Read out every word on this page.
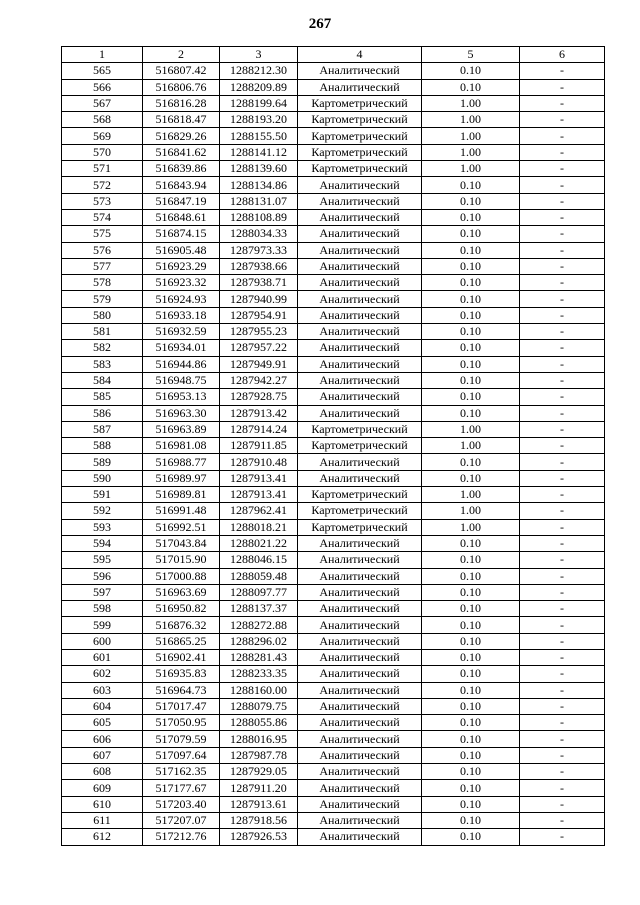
267
1	2	3	4	5	6
565	516807.42	1288212.30	Аналитический	0.10	-
566	516806.76	1288209.89	Аналитический	0.10	-
567	516816.28	1288199.64	Картометрический	1.00	-
568	516818.47	1288193.20	Картометрический	1.00	-
569	516829.26	1288155.50	Картометрический	1.00	-
570	516841.62	1288141.12	Картометрический	1.00	-
571	516839.86	1288139.60	Картометрический	1.00	-
572	516843.94	1288134.86	Аналитический	0.10	-
573	516847.19	1288131.07	Аналитический	0.10	-
574	516848.61	1288108.89	Аналитический	0.10	-
575	516874.15	1288034.33	Аналитический	0.10	-
576	516905.48	1287973.33	Аналитический	0.10	-
577	516923.29	1287938.66	Аналитический	0.10	-
578	516923.32	1287938.71	Аналитический	0.10	-
579	516924.93	1287940.99	Аналитический	0.10	-
580	516933.18	1287954.91	Аналитический	0.10	-
581	516932.59	1287955.23	Аналитический	0.10	-
582	516934.01	1287957.22	Аналитический	0.10	-
583	516944.86	1287949.91	Аналитический	0.10	-
584	516948.75	1287942.27	Аналитический	0.10	-
585	516953.13	1287928.75	Аналитический	0.10	-
586	516963.30	1287913.42	Аналитический	0.10	-
587	516963.89	1287914.24	Картометрический	1.00	-
588	516981.08	1287911.85	Картометрический	1.00	-
589	516988.77	1287910.48	Аналитический	0.10	-
590	516989.97	1287913.41	Аналитический	0.10	-
591	516989.81	1287913.41	Картометрический	1.00	-
592	516991.48	1287962.41	Картометрический	1.00	-
593	516992.51	1288018.21	Картометрический	1.00	-
594	517043.84	1288021.22	Аналитический	0.10	-
595	517015.90	1288046.15	Аналитический	0.10	-
596	517000.88	1288059.48	Аналитический	0.10	-
597	516963.69	1288097.77	Аналитический	0.10	-
598	516950.82	1288137.37	Аналитический	0.10	-
599	516876.32	1288272.88	Аналитический	0.10	-
600	516865.25	1288296.02	Аналитический	0.10	-
601	516902.41	1288281.43	Аналитический	0.10	-
602	516935.83	1288233.35	Аналитический	0.10	-
603	516964.73	1288160.00	Аналитический	0.10	-
604	517017.47	1288079.75	Аналитический	0.10	-
605	517050.95	1288055.86	Аналитический	0.10	-
606	517079.59	1288016.95	Аналитический	0.10	-
607	517097.64	1287987.78	Аналитический	0.10	-
608	517162.35	1287929.05	Аналитический	0.10	-
609	517177.67	1287911.20	Аналитический	0.10	-
610	517203.40	1287913.61	Аналитический	0.10	-
611	517207.07	1287918.56	Аналитический	0.10	-
612	517212.76	1287926.53	Аналитический	0.10	-
